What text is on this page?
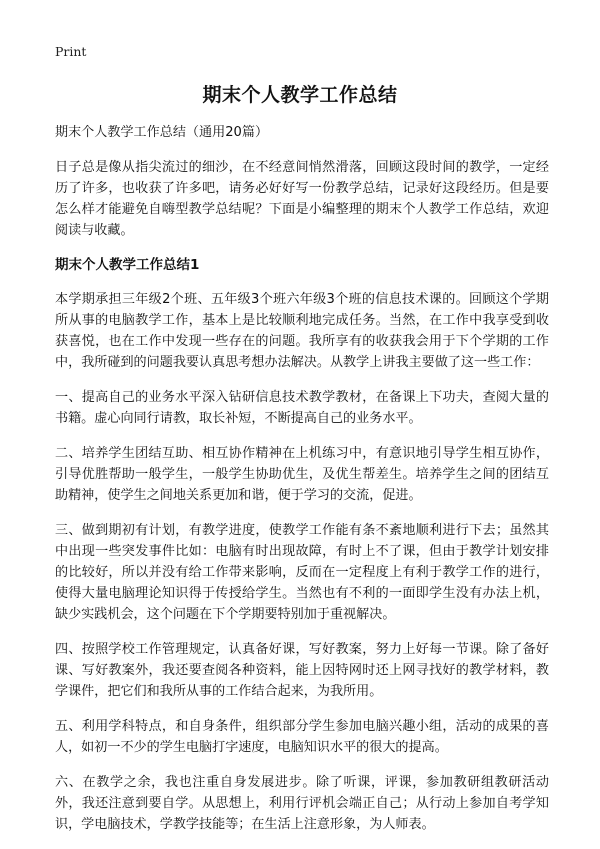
Print
期末个人教学工作总结

期末个人教学工作总结（通用20篇）

日子总是像从指尖流过的细沙，在不经意间悄然滑落，回顾这段时间的教学，一定经历了许多，也收获了许多吧，请务必好好写一份教学总结，记录好这段经历。但是要怎么样才能避免自嗨型教学总结呢？下面是小编整理的期末个人教学工作总结，欢迎阅读与收藏。

期末个人教学工作总结1

本学期承担三年级2个班、五年级3个班六年级3个班的信息技术课的。回顾这个学期所从事的电脑教学工作，基本上是比较顺利地完成任务。当然，在工作中我享受到收获喜悦，也在工作中发现一些存在的问题。我所享有的收获我会用于下个学期的工作中，我所碰到的问题我要认真思考想办法解决。从教学上讲我主要做了这一些工作：

一、提高自己的业务水平深入钻研信息技术教学教材，在备课上下功夫，查阅大量的书籍。虚心向同行请教，取长补短，不断提高自己的业务水平。

二、培养学生团结互助、相互协作精神在上机练习中，有意识地引导学生相互协作，引导优胜帮助一般学生，一般学生协助优生，及优生帮差生。培养学生之间的团结互助精神，使学生之间地关系更加和谐，便于学习的交流，促进。

三、做到期初有计划，有教学进度，使教学工作能有条不紊地顺利进行下去；虽然其中出现一些突发事件比如：电脑有时出现故障，有时上不了课，但由于教学计划安排的比较好，所以并没有给工作带来影响，反而在一定程度上有利于教学工作的进行，使得大量电脑理论知识得于传授给学生。当然也有不利的一面即学生没有办法上机，缺少实践机会，这个问题在下个学期要特别加于重视解决。

四、按照学校工作管理规定，认真备好课，写好教案，努力上好每一节课。除了备好课、写好教案外，我还要查阅各种资料，能上因特网时还上网寻找好的教学材料，教学课件，把它们和我所从事的工作结合起来，为我所用。

五、利用学科特点，和自身条件，组织部分学生参加电脑兴趣小组，活动的成果的喜人，如初一不少的学生电脑打字速度，电脑知识水平的很大的提高。

六、在教学之余，我也注重自身发展进步。除了听课，评课，参加教研组教研活动外，我还注意到要自学。从思想上，利用行评机会端正自己；从行动上参加自考学知识，学电脑技术，学教学技能等；在生活上注意形象，为人师表。
